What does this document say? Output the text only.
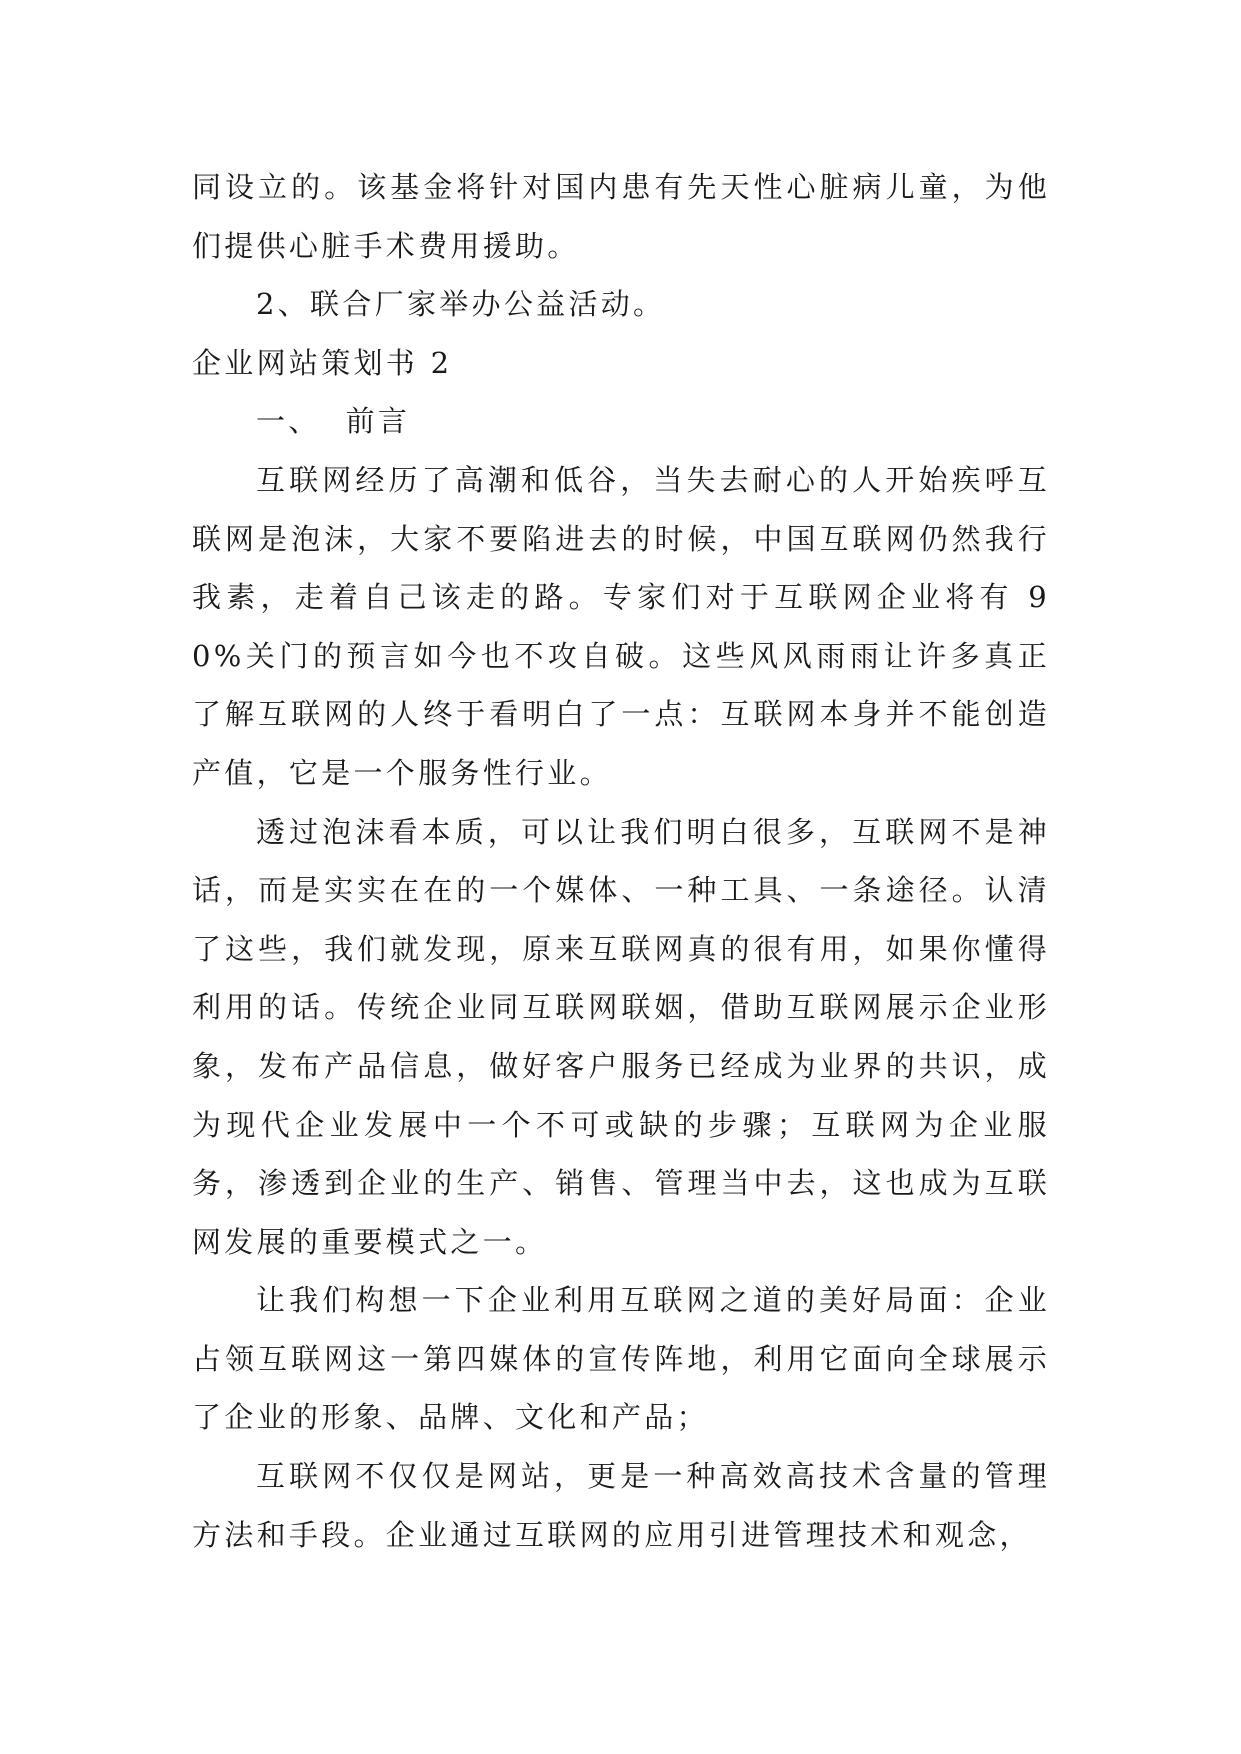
同设立的。该基金将针对国内患有先天性心脏病儿童，为他们提供心脏手术费用援助。

2、联合厂家举办公益活动。

企业网站策划书 2

一、  前言

互联网经历了高潮和低谷，当失去耐心的人开始疾呼互联网是泡沫，大家不要陷进去的时候，中国互联网仍然我行我素，走着自己该走的路。专家们对于互联网企业将有 90%关门的预言如今也不攻自破。这些风风雨雨让许多真正了解互联网的人终于看明白了一点：互联网本身并不能创造产值，它是一个服务性行业。

透过泡沫看本质，可以让我们明白很多，互联网不是神话，而是实实在在的一个媒体、一种工具、一条途径。认清了这些，我们就发现，原来互联网真的很有用，如果你懂得利用的话。传统企业同互联网联姻，借助互联网展示企业形象，发布产品信息，做好客户服务已经成为业界的共识，成为现代企业发展中一个不可或缺的步骤；互联网为企业服务，渗透到企业的生产、销售、管理当中去，这也成为互联网发展的重要模式之一。

让我们构想一下企业利用互联网之道的美好局面：企业占领互联网这一第四媒体的宣传阵地，利用它面向全球展示了企业的形象、品牌、文化和产品；

互联网不仅仅是网站，更是一种高效高技术含量的管理方法和手段。企业通过互联网的应用引进管理技术和观念，
